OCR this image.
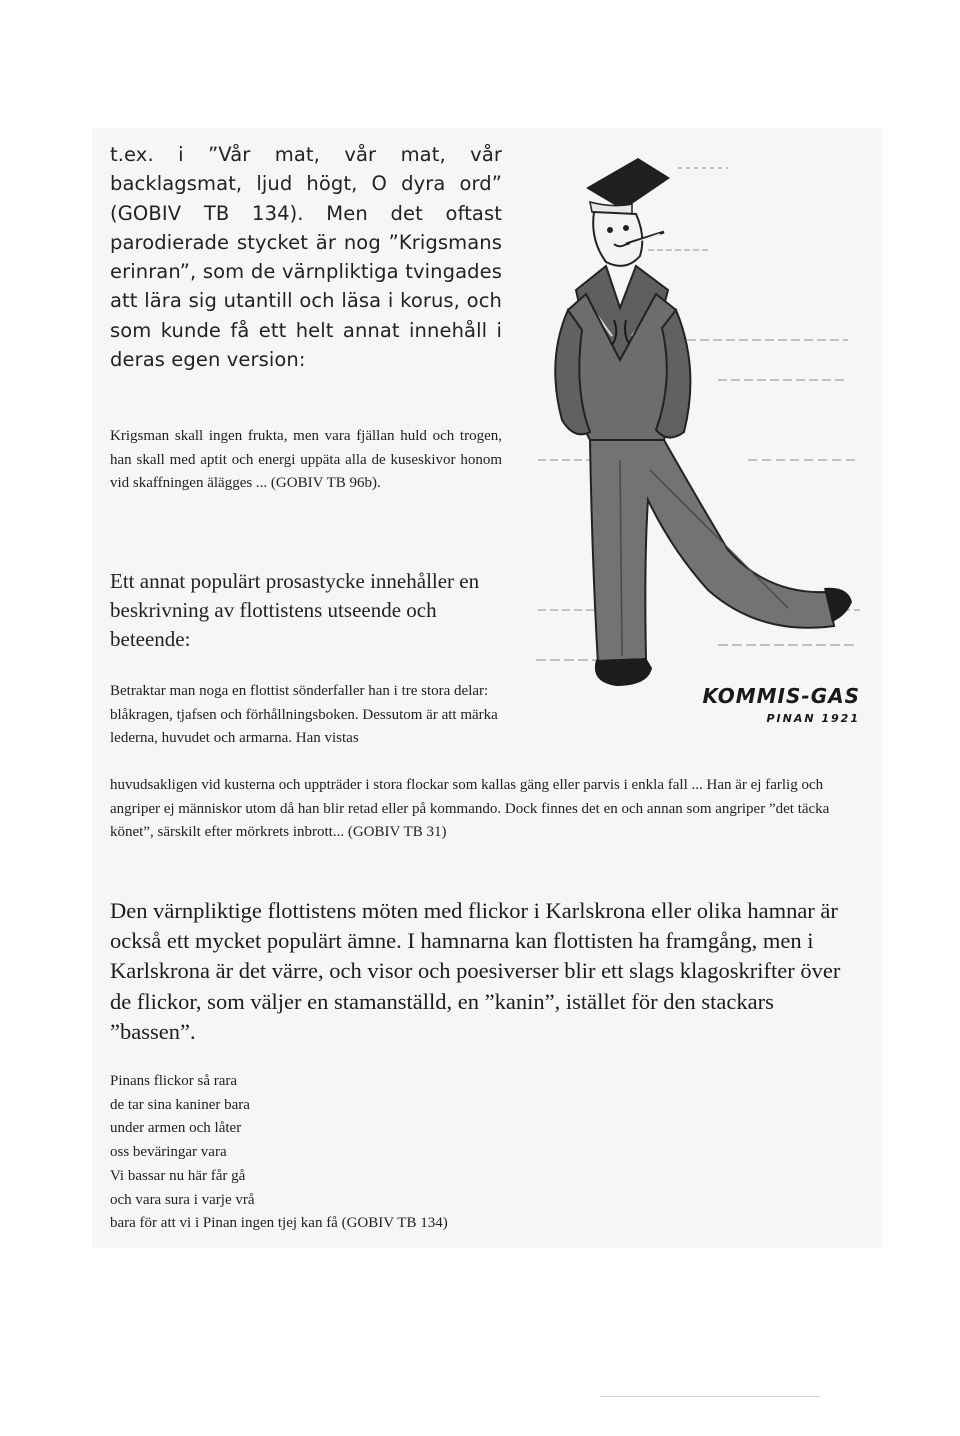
t.ex. i ”Vår mat, vår mat, vår backlagsmat, ljud högt, O dyra ord” (GOBIV TB 134). Men det oftast parodierade stycket är nog ”Krigsmans erinran”, som de värnpliktiga tvingades att lära sig utantill och läsa i korus, och som kunde få ett helt annat innehåll i deras egen version:

Krigsman skall ingen frukta, men vara fjällan huld och trogen, han skall med aptit och energi uppäta alla de kuseskivor honom vid skaffningen älägges ... (GOBIV TB 96b).

Ett annat populärt prosastycke innehåller en beskrivning av flottistens utseende och beteende:

Betraktar man noga en flottist sönderfaller han i tre stora delar: blåkragen, tjafsen och förhållningsboken. Dessutom är att märka lederna, huvudet och armarna. Han vistas

huvudsakligen vid kusterna och uppträder i stora flockar som kallas gäng eller parvis i enkla fall ... Han är ej farlig och angriper ej människor utom då han blir retad eller på kommando. Dock finnes det en och annan som angriper ”det täcka könet”, särskilt efter mörkrets inbrott... (GOBIV TB 31)

Den värnpliktige flottistens möten med flickor i Karlskrona eller olika hamnar är också ett mycket populärt ämne. I hamnarna kan flottisten ha framgång, men i Karlskrona är det värre, och visor och poesiverser blir ett slags klagoskrifter över de flickor, som väljer en stamanställd, en ”kanin”, istället för den stackars ”bassen”.

Pinans flickor så rara
de tar sina kaniner bara
under armen och låter
oss beväringar vara
Vi bassar nu här får gå
och vara sura i varje vrå
bara för att vi i Pinan ingen tjej kan få (GOBIV TB 134)
KOMMIS-GAS
PINAN 1921
